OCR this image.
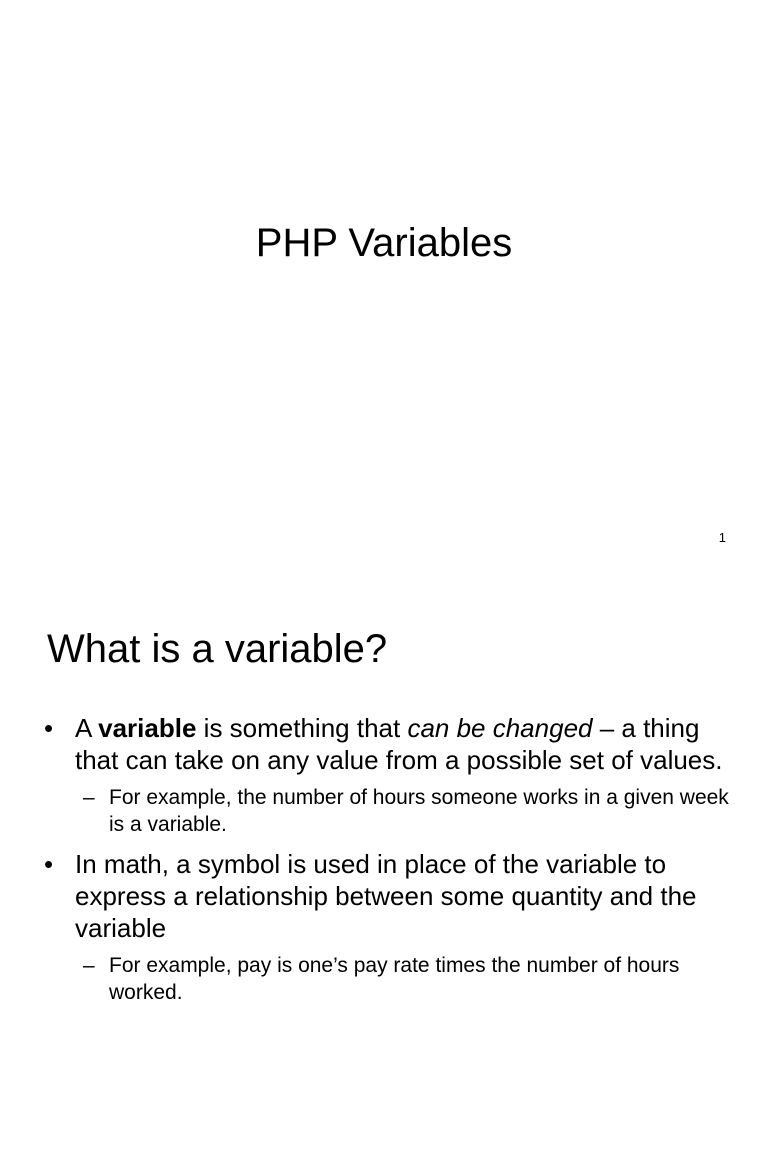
PHP Variables
1
What is a variable?
• A variable is something that can be changed – a thing that can take on any value from a possible set of values.
– For example, the number of hours someone works in a given week is a variable.
• In math, a symbol is used in place of the variable to express a relationship between some quantity and the variable
– For example, pay is one’s pay rate times the number of hours worked.
